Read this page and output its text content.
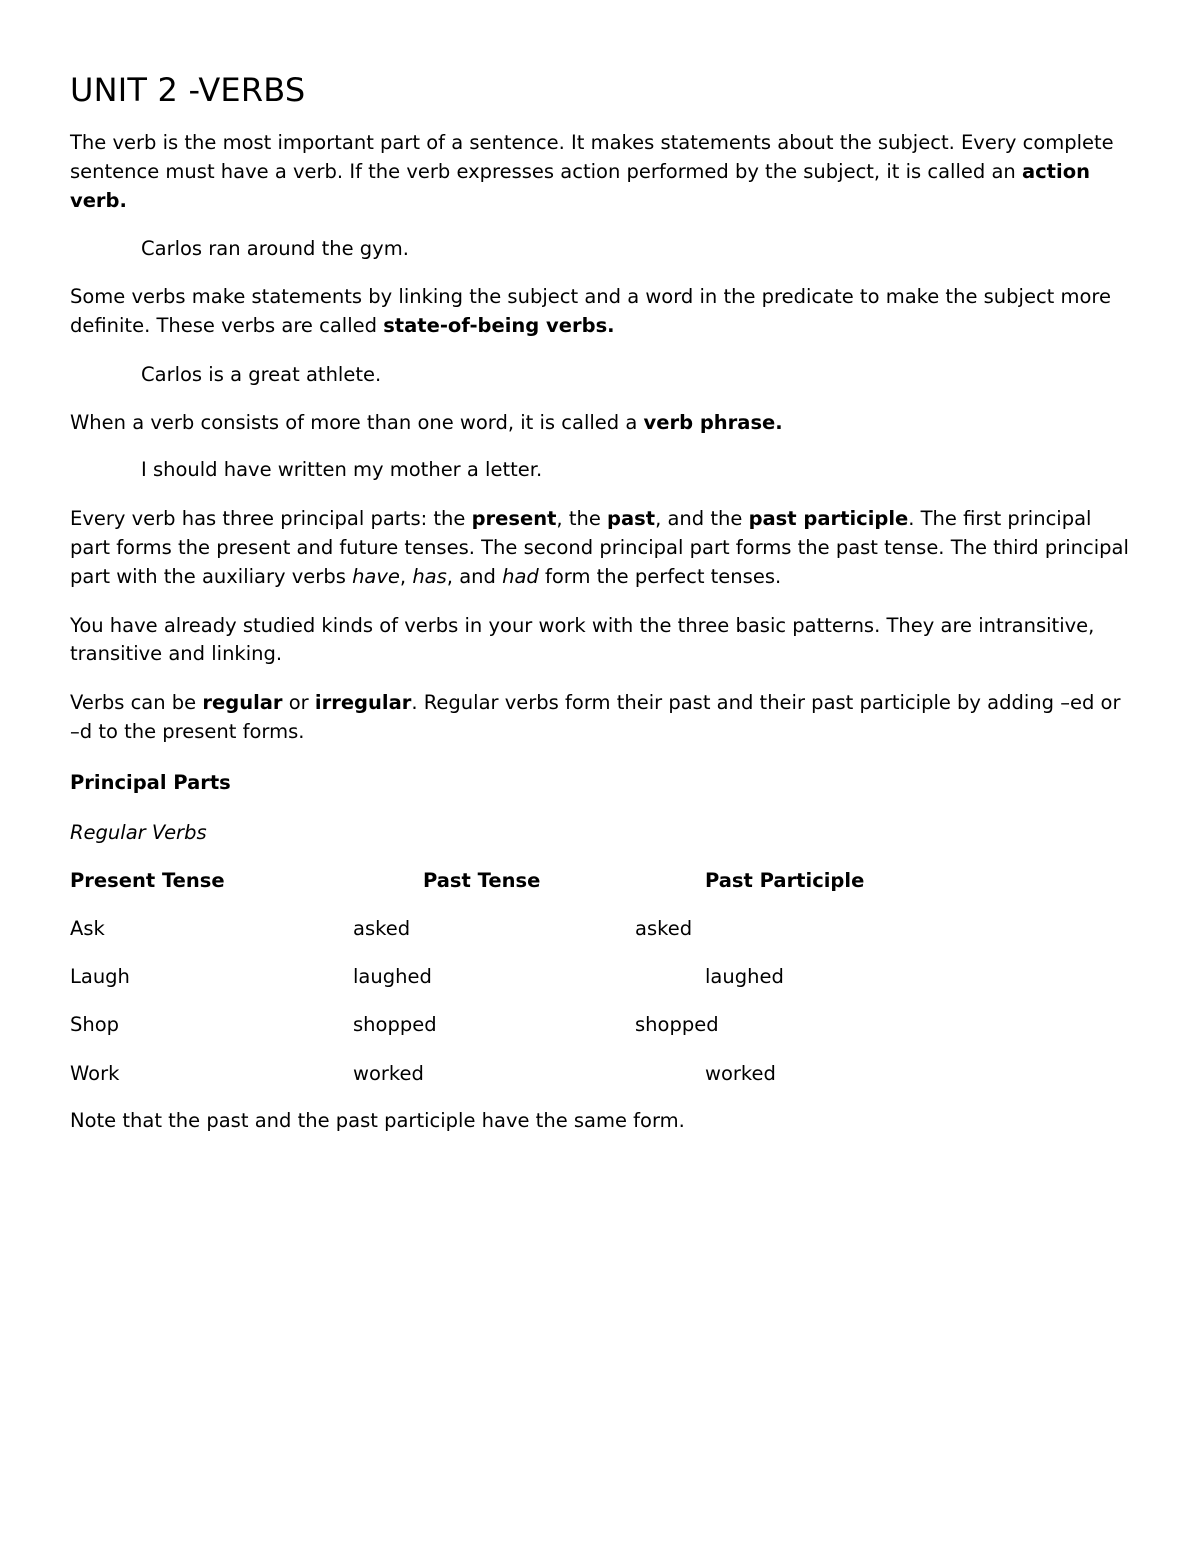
UNIT 2 -VERBS

The verb is the most important part of a sentence. It makes statements about the subject. Every complete sentence must have a verb. If the verb expresses action performed by the subject, it is called an action verb.

Carlos ran around the gym.

Some verbs make statements by linking the subject and a word in the predicate to make the subject more definite. These verbs are called state-of-being verbs.

Carlos is a great athlete.

When a verb consists of more than one word, it is called a verb phrase.

I should have written my mother a letter.

Every verb has three principal parts: the present, the past, and the past participle. The first principal part forms the present and future tenses. The second principal part forms the past tense. The third principal part with the auxiliary verbs have, has, and had form the perfect tenses.

You have already studied kinds of verbs in your work with the three basic patterns. They are intransitive, transitive and linking.

Verbs can be regular or irregular. Regular verbs form their past and their past participle by adding –ed or –d to the present forms.

Principal Parts

Regular Verbs

Present Tense	Past Tense	Past Participle
Ask	asked	asked
Laugh	laughed	laughed
Shop	shopped	shopped
Work	worked	worked

Note that the past and the past participle have the same form.
